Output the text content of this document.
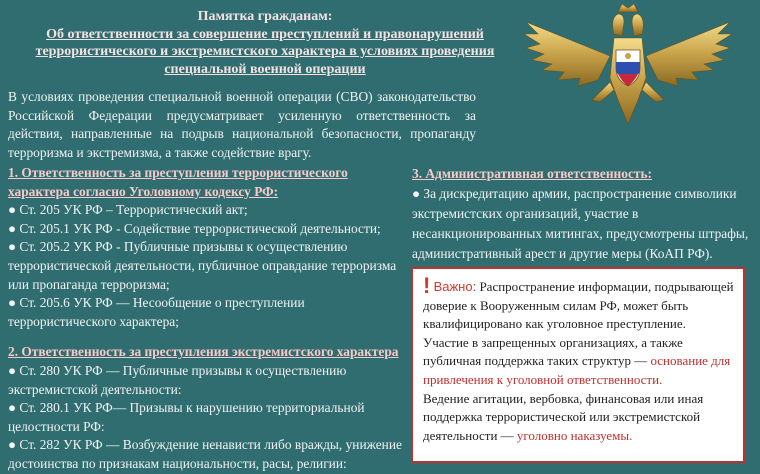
Памятка гражданам:
Об ответственности за совершение преступлений и правонарушений террористического и экстремистского характера в условиях проведения специальной военной операции
В условиях проведения специальной военной операции (СВО) законодательство Российской Федерации предусматривает усиленную ответственность за действия, направленные на подрыв национальной безопасности, пропаганду терроризма и экстремизма, а также содействие врагу.
1. Ответственность за преступления террористического характера согласно Уголовному кодексу РФ:
● Ст. 205 УК РФ – Террористический акт;
● Ст. 205.1 УК РФ - Содействие террористической деятельности;
● Ст. 205.2 УК РФ - Публичные призывы к осуществлению террористической деятельности, публичное оправдание терроризма или пропаганда терроризма;
● Ст. 205.6 УК РФ — Несообщение о преступлении террористического характера;
2. Ответственность за преступления экстремистского характера
● Ст. 280 УК РФ — Публичные призывы к осуществлению экстремистской деятельности:
● Ст. 280.1 УК РФ— Призывы к нарушению территориальной целостности РФ:
● Ст. 282 УК РФ — Возбуждение ненависти либо вражды, унижение достоинства по признакам национальности, расы, религии:
3. Административная ответственность:
● За дискредитацию армии, распространение символики экстремистских организаций, участие в несанкционированных митингах, предусмотрены штрафы, административный арест и другие меры (КоАП РФ).
! Важно: Распространение информации, подрывающей доверие к Вооруженным силам РФ, может быть квалифицировано как уголовное преступление.
Участие в запрещенных организациях, а также публичная поддержка таких структур — основание для привлечения к уголовной ответственности.
Ведение агитации, вербовка, финансовая или иная поддержка террористической или экстремистской деятельности — уголовно наказуемы.
